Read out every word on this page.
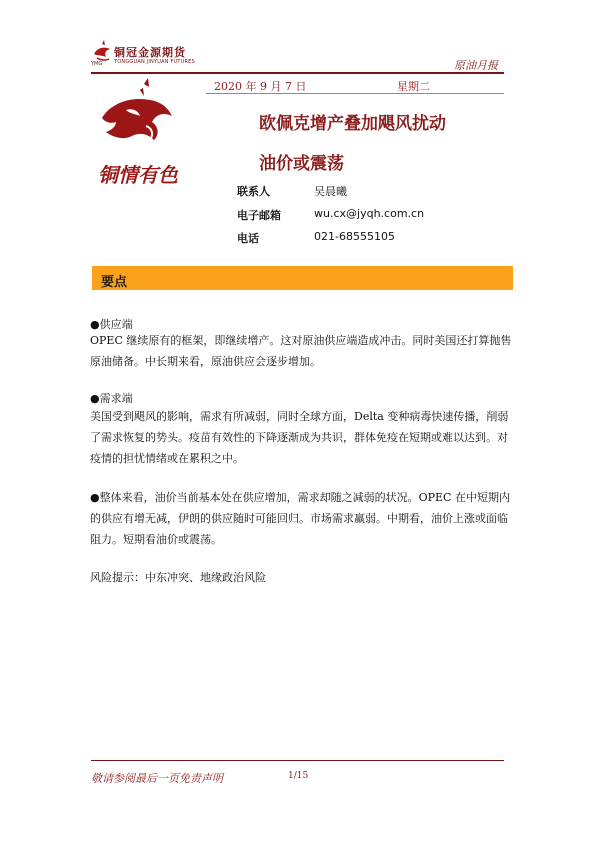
铜冠金源期货
TONGGUAN JINYUAN FUTURES
YMG	原油月报
2020 年 9 月 7 日	星期二
铜情有色
欧佩克增产叠加飓风扰动
油价或震荡
联系人	吴晨曦
电子邮箱	wu.cx@jyqh.com.cn
电话	021-68555105
要点
●供应端
OPEC 继续原有的框架，即继续增产。这对原油供应端造成冲击。同时美国还打算抛售原油储备。中长期来看，原油供应会逐步增加。
●需求端
美国受到飓风的影响，需求有所减弱，同时全球方面，Delta 变种病毒快速传播，削弱了需求恢复的势头。疫苗有效性的下降逐渐成为共识，群体免疫在短期或难以达到。对疫情的担忧情绪或在累积之中。
●整体来看，油价当前基本处在供应增加，需求却随之减弱的状况。OPEC 在中短期内的供应有增无减，伊朗的供应随时可能回归。市场需求羸弱。中期看，油价上涨或面临阻力。短期看油价或震荡。
风险提示：中东冲突、地缘政治风险
敬请参阅最后一页免责声明	1/15
